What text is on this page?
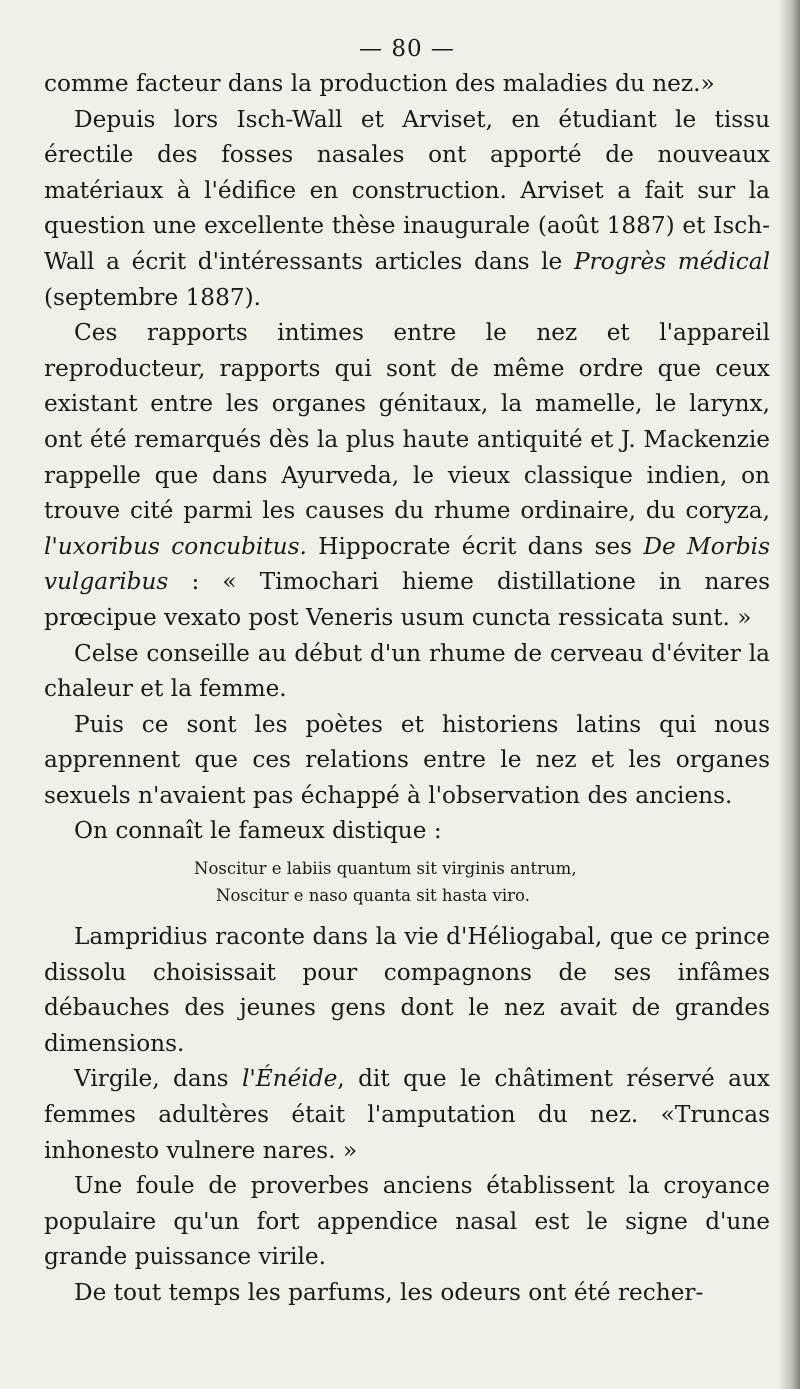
— 80 —

comme facteur dans la production des maladies du nez.»

Depuis lors Isch-Wall et Arviset, en étudiant le tissu érectile des fosses nasales ont apporté de nouveaux matériaux à l'édifice en construction. Arviset a fait sur la question une excellente thèse inaugurale (août 1887) et Isch-Wall a écrit d'intéressants articles dans le Progrès médical (septembre 1887).

Ces rapports intimes entre le nez et l'appareil reproducteur, rapports qui sont de même ordre que ceux existant entre les organes génitaux, la mamelle, le larynx, ont été remarqués dès la plus haute antiquité et J. Mackenzie rappelle que dans Ayurveda, le vieux classique indien, on trouve cité parmi les causes du rhume ordinaire, du coryza, l'uxoribus concubitus. Hippocrate écrit dans ses De Morbis vulgaribus : « Timochari hieme distillatione in nares prœcipue vexato post Veneris usum cuncta ressicata sunt. »

Celse conseille au début d'un rhume de cerveau d'éviter la chaleur et la femme.

Puis ce sont les poètes et historiens latins qui nous apprennent que ces relations entre le nez et les organes sexuels n'avaient pas échappé à l'observation des anciens.

On connaît le fameux distique :

Noscitur e labiis quantum sit virginis antrum,
Noscitur e naso quanta sit hasta viro.

Lampridius raconte dans la vie d'Héliogabal, que ce prince dissolu choisissait pour compagnons de ses infâmes débauches des jeunes gens dont le nez avait de grandes dimensions.

Virgile, dans l'Énéide, dit que le châtiment réservé aux femmes adultères était l'amputation du nez. «Truncas inhonesto vulnere nares. »

Une foule de proverbes anciens établissent la croyance populaire qu'un fort appendice nasal est le signe d'une grande puissance virile.

De tout temps les parfums, les odeurs ont été recher-
